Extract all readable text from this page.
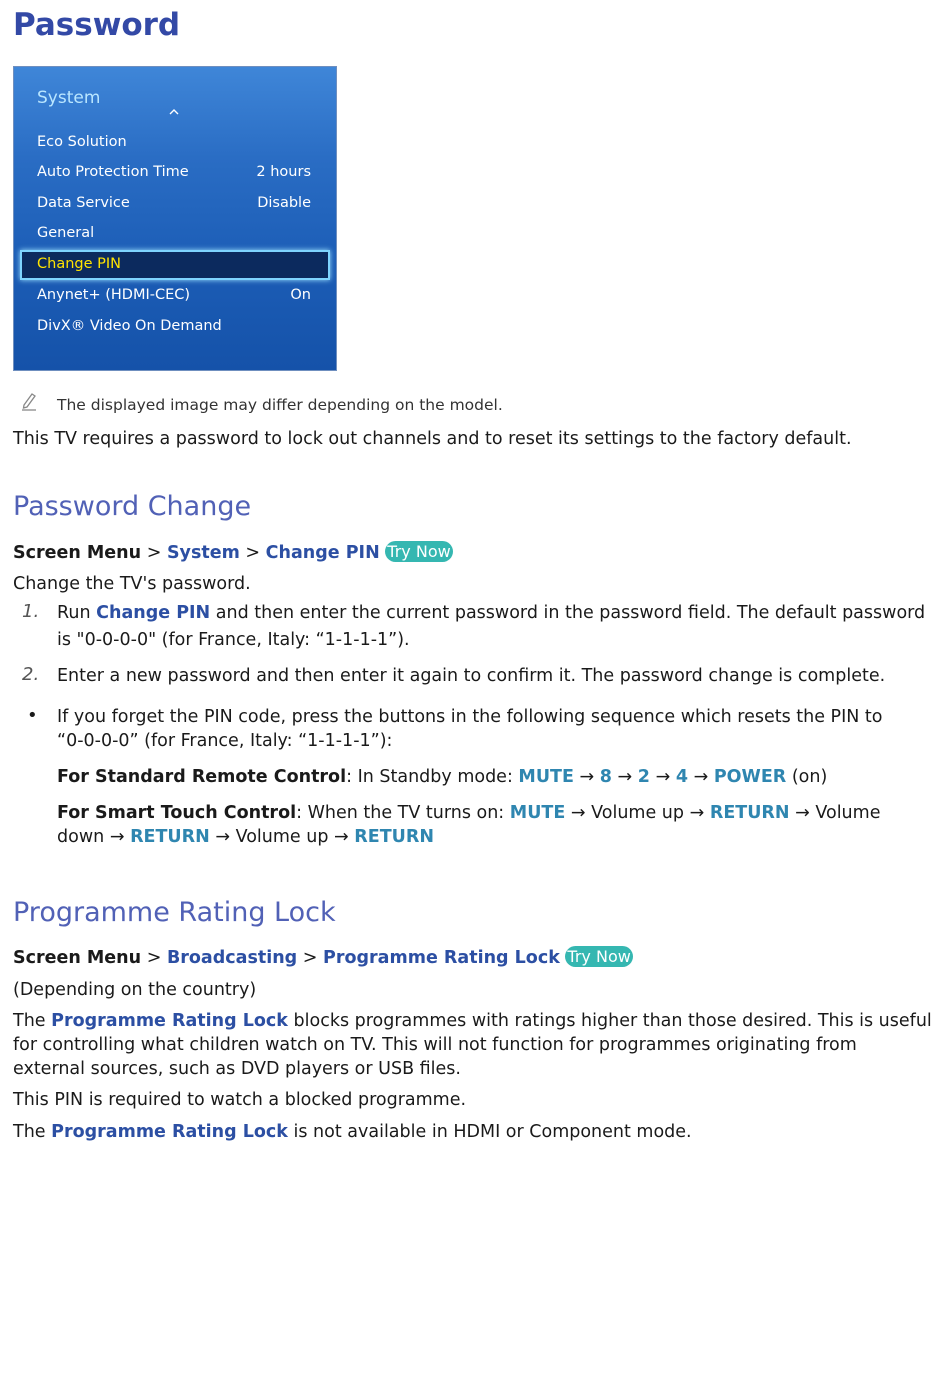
Password
System
Eco Solution
Auto Protection Time	2 hours
Data Service	Disable
General
Change PIN
Anynet+ (HDMI-CEC)	On
DivX® Video On Demand
The displayed image may differ depending on the model.
This TV requires a password to lock out channels and to reset its settings to the factory default.
Password Change
Screen Menu > System > Change PIN Try Now
Change the TV's password.
1. Run Change PIN and then enter the current password in the password field. The default password
is "0-0-0-0" (for France, Italy: “1-1-1-1”).
2. Enter a new password and then enter it again to confirm it. The password change is complete.
• If you forget the PIN code, press the buttons in the following sequence which resets the PIN to
“0-0-0-0” (for France, Italy: “1-1-1-1”):
For Standard Remote Control: In Standby mode: MUTE → 8 → 2 → 4 → POWER (on)
For Smart Touch Control: When the TV turns on: MUTE → Volume up → RETURN → Volume
down → RETURN → Volume up → RETURN
Programme Rating Lock
Screen Menu > Broadcasting > Programme Rating Lock Try Now
(Depending on the country)
The Programme Rating Lock blocks programmes with ratings higher than those desired. This is useful
for controlling what children watch on TV. This will not function for programmes originating from
external sources, such as DVD players or USB files.
This PIN is required to watch a blocked programme.
The Programme Rating Lock is not available in HDMI or Component mode.
